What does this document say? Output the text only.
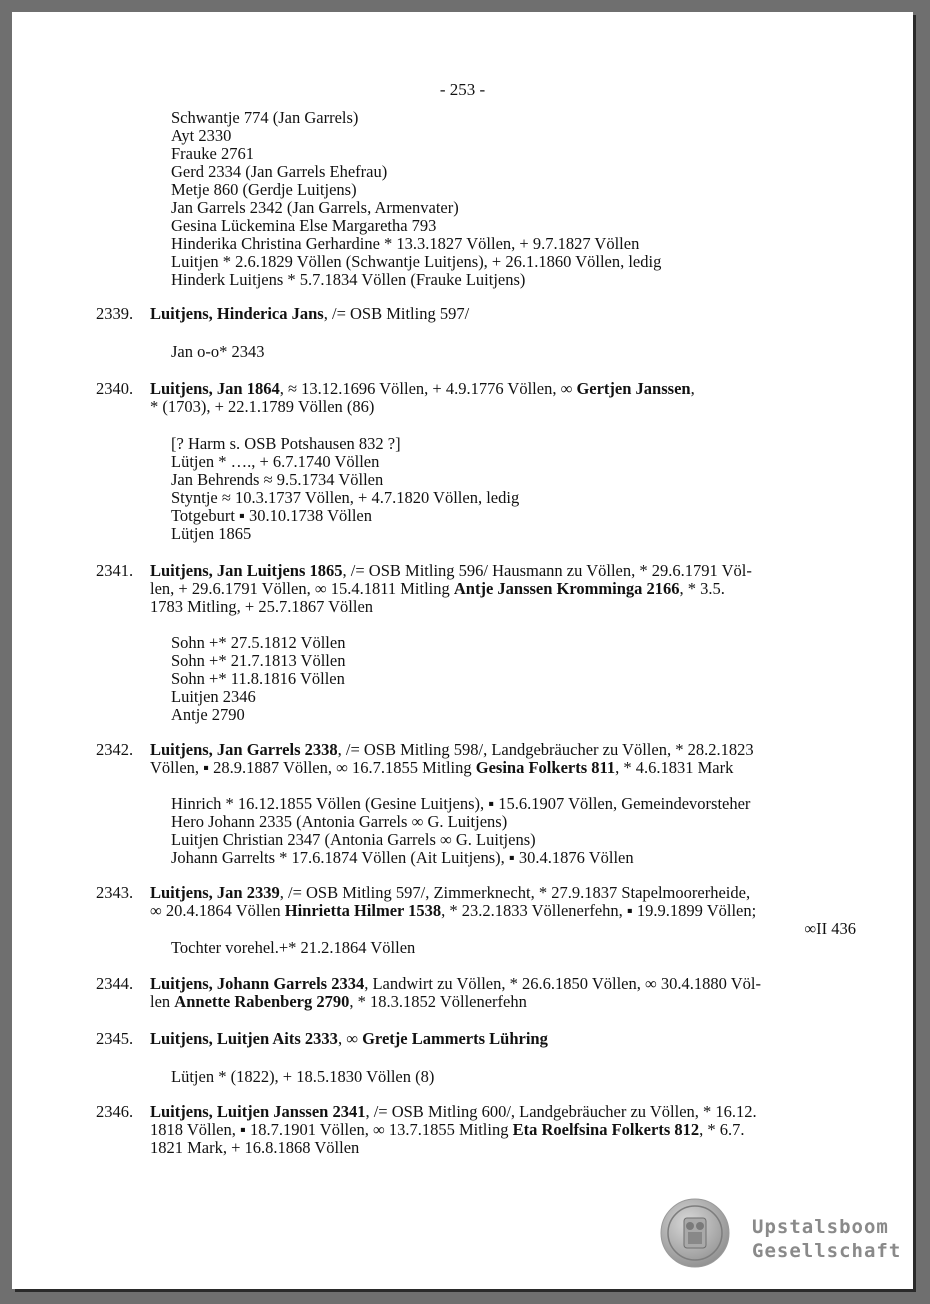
- 253 -
Schwantje 774 (Jan Garrels)
Ayt 2330
Frauke 2761
Gerd 2334 (Jan Garrels Ehefrau)
Metje 860 (Gerdje Luitjens)
Jan Garrels 2342 (Jan Garrels, Armenvater)
Gesina Lückemina Else Margaretha 793
Hinderika Christina Gerhardine * 13.3.1827 Völlen, + 9.7.1827 Völlen
Luitjen * 2.6.1829 Völlen (Schwantje Luitjens), + 26.1.1860 Völlen, ledig
Hinderk Luitjens * 5.7.1834 Völlen (Frauke Luitjens)
2339. Luitjens, Hinderica Jans, /= OSB Mitling 597/
Jan o-o* 2343
2340. Luitjens, Jan 1864, ≈ 13.12.1696 Völlen, + 4.9.1776 Völlen, ∞ Gertjen Janssen,
* (1703), + 22.1.1789 Völlen (86)
[? Harm s. OSB Potshausen 832 ?]
Lütjen * …., + 6.7.1740 Völlen
Jan Behrends ≈ 9.5.1734 Völlen
Styntje ≈ 10.3.1737 Völlen, + 4.7.1820 Völlen, ledig
Totgeburt ▪ 30.10.1738 Völlen
Lütjen 1865
2341. Luitjens, Jan Luitjens 1865, /= OSB Mitling 596/ Hausmann zu Völlen, * 29.6.1791 Völ-
len, + 29.6.1791 Völlen, ∞ 15.4.1811 Mitling Antje Janssen Kromminga 2166, * 3.5.
1783 Mitling, + 25.7.1867 Völlen
Sohn +* 27.5.1812 Völlen
Sohn +* 21.7.1813 Völlen
Sohn +* 11.8.1816 Völlen
Luitjen 2346
Antje 2790
2342. Luitjens, Jan Garrels 2338, /= OSB Mitling 598/, Landgebräucher zu Völlen, * 28.2.1823
Völlen, ▪ 28.9.1887 Völlen, ∞ 16.7.1855 Mitling Gesina Folkerts 811, * 4.6.1831 Mark
Hinrich * 16.12.1855 Völlen (Gesine Luitjens), ▪ 15.6.1907 Völlen, Gemeindevorsteher
Hero Johann 2335 (Antonia Garrels ∞ G. Luitjens)
Luitjen Christian 2347 (Antonia Garrels ∞ G. Luitjens)
Johann Garrelts * 17.6.1874 Völlen (Ait Luitjens), ▪ 30.4.1876 Völlen
2343. Luitjens, Jan 2339, /= OSB Mitling 597/, Zimmerknecht, * 27.9.1837 Stapelmoorerheide,
∞ 20.4.1864 Völlen Hinrietta Hilmer 1538, * 23.2.1833 Völlenerfehn, ▪ 19.9.1899 Völlen;
∞II 436
Tochter vorehel.+* 21.2.1864 Völlen
2344. Luitjens, Johann Garrels 2334, Landwirt zu Völlen, * 26.6.1850 Völlen, ∞ 30.4.1880 Völ-
len Annette Rabenberg 2790, * 18.3.1852 Völlenerfehn
2345. Luitjens, Luitjen Aits 2333, ∞ Gretje Lammerts Lühring
Lütjen * (1822), + 18.5.1830 Völlen (8)
2346. Luitjens, Luitjen Janssen 2341, /= OSB Mitling 600/, Landgebräucher zu Völlen, * 16.12.
1818 Völlen, ▪ 18.7.1901 Völlen, ∞ 13.7.1855 Mitling Eta Roelfsina Folkerts 812, * 6.7.
1821 Mark, + 16.8.1868 Völlen
Upstalsboom
Gesellschaft
